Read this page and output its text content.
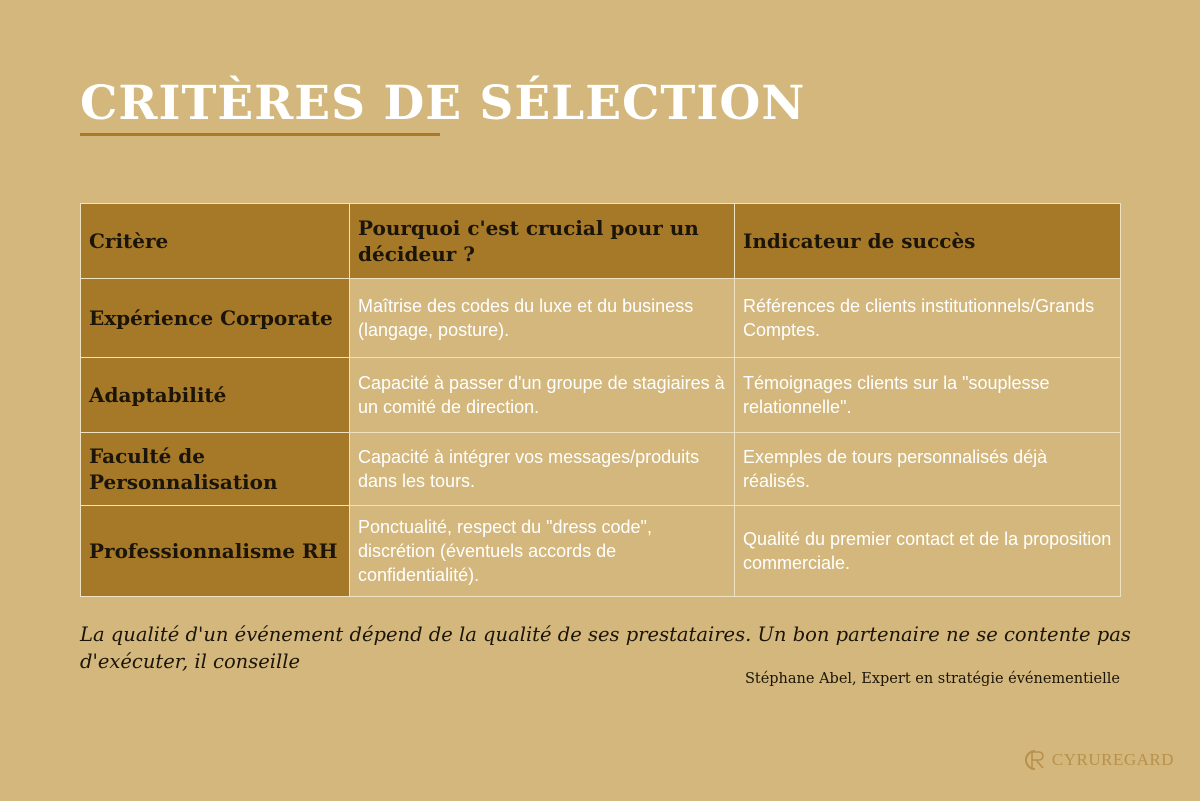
CRITÈRES DE SÉLECTION
Critère	Pourquoi c'est crucial pour un décideur ?	Indicateur de succès
Expérience Corporate	Maîtrise des codes du luxe et du business (langage, posture).	Références de clients institutionnels/Grands Comptes.
Adaptabilité	Capacité à passer d'un groupe de stagiaires à un comité de direction.	Témoignages clients sur la "souplesse relationnelle".
Faculté de Personnalisation	Capacité à intégrer vos messages/produits dans les tours.	Exemples de tours personnalisés déjà réalisés.
Professionnalisme RH	Ponctualité, respect du "dress code", discrétion (éventuels accords de confidentialité).	Qualité du premier contact et de la proposition commerciale.

La qualité d'un événement dépend de la qualité de ses prestataires. Un bon partenaire ne se contente pas d'exécuter, il conseille

Stéphane Abel, Expert en stratégie événementielle
CYRUREGARD
